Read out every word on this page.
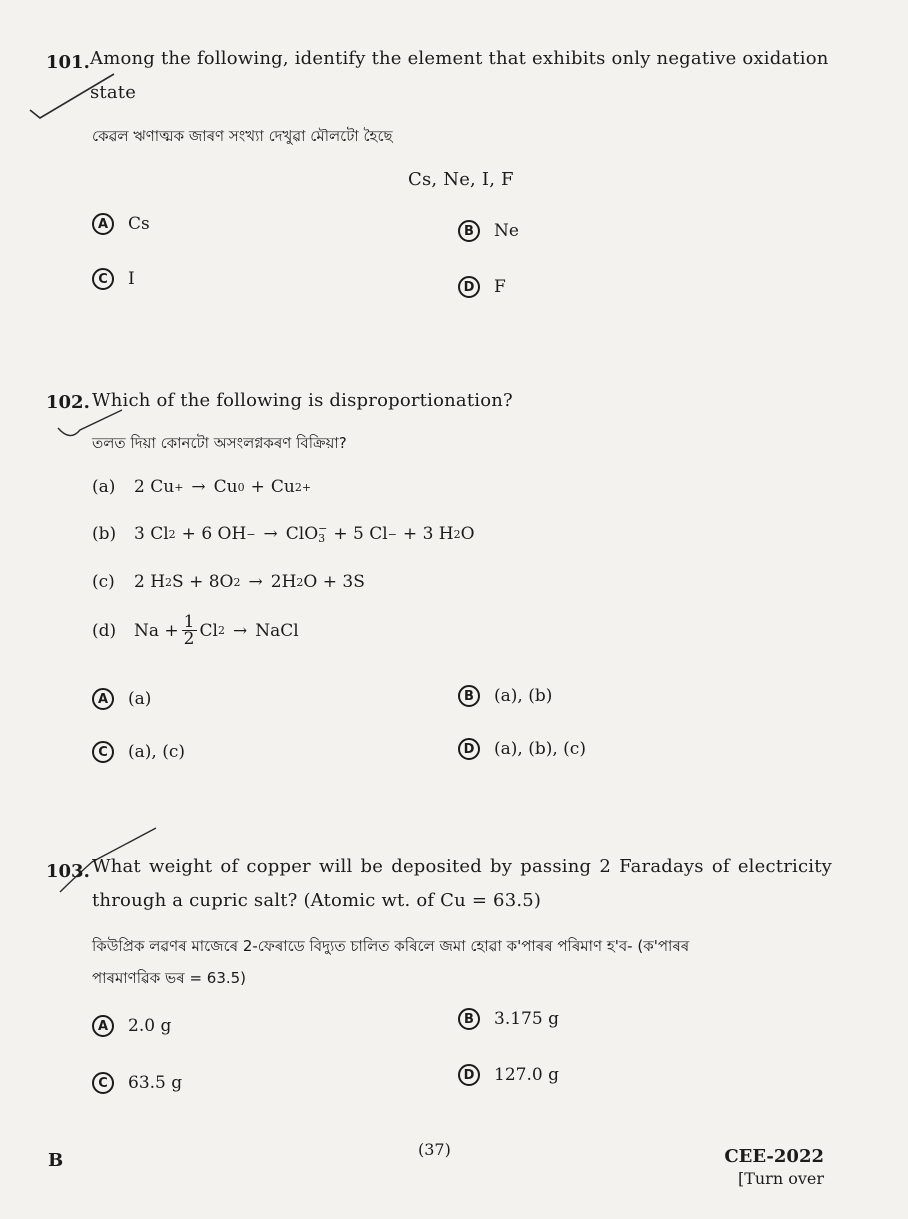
101. Among the following, identify the element that exhibits only negative oxidation
state
কেৱল ঋণাত্মক জাৰণ সংখ্যা দেখুৱা মৌলটো হৈছে
Cs, Ne, I, F
A	Cs	B	Ne
C	I	D	F
102. Which of the following is disproportionation?
তলত দিয়া কোনটো অসংলগ্নকৰণ বিক্রিয়া?
(a)	2 Cu + → Cu 0 + Cu 2+
(b)	3 Cl 2 + 6 OH − → ClO −
3 + 5 Cl − + 3 H 2 O
(c)	2 H 2 S + 8O 2 → 2H 2 O + 3S
(d)	$Na + \frac{1}{2}$ Cl 2 → NaCl
A	(a)	B	(a), (b)
C	(a), (c)	D	(a), (b), (c)
103. What weight of copper will be deposited by passing 2 Faradays of electricity
through a cupric salt? (Atomic wt. of Cu = 63.5)
কিউপ্রিক লৱণৰ মাজেৰে 2-ফেৰাডে বিদ্যুত চালিত কৰিলে জমা হোৱা ক'পাৰৰ পৰিমাণ হ'ব- (ক'পাৰৰ
পাৰমাণৱিক ভৰ = 63.5)
A	2.0 g	B	3.175 g
C	63.5 g	D	127.0 g
B
(37)	CEE-2022
[Turn over
